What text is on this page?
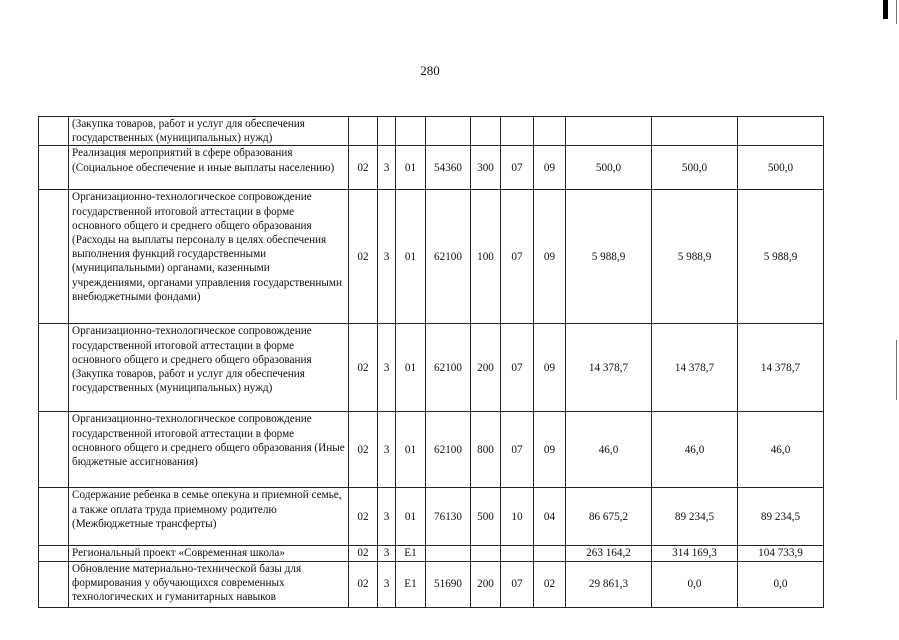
280
	(Закупка товаров, работ и услуг для обеспечения государственных (муниципальных) нужд)										
	Реализация мероприятий в сфере образования (Социальное обеспечение и иные выплаты населению)	02	3	01	54360	300	07	09	500,0	500,0	500,0
	Организационно-технологическое сопровождение государственной итоговой аттестации в форме основного общего и среднего общего образования (Расходы на выплаты персоналу в целях обеспечения выполнения функций государственными (муниципальными) органами, казенными учреждениями, органами управления государственными внебюджетными фондами)	02	3	01	62100	100	07	09	5 988,9	5 988,9	5 988,9
	Организационно-технологическое сопровождение государственной итоговой аттестации в форме основного общего и среднего общего образования (Закупка товаров, работ и услуг для обеспечения государственных (муниципальных) нужд)	02	3	01	62100	200	07	09	14 378,7	14 378,7	14 378,7
	Организационно-технологическое сопровождение государственной итоговой аттестации в форме основного общего и среднего общего образования (Иные бюджетные ассигнования)	02	3	01	62100	800	07	09	46,0	46,0	46,0
	Содержание ребенка в семье опекуна и приемной семье, а также оплата труда приемному родителю (Межбюджетные трансферты)	02	3	01	76130	500	10	04	86 675,2	89 234,5	89 234,5
	Региональный проект «Современная школа»	02	3	E1					263 164,2	314 169,3	104 733,9
	Обновление материально-технической базы для формирования у обучающихся современных технологических и гуманитарных навыков	02	3	E1	51690	200	07	02	29 861,3	0,0	0,0
